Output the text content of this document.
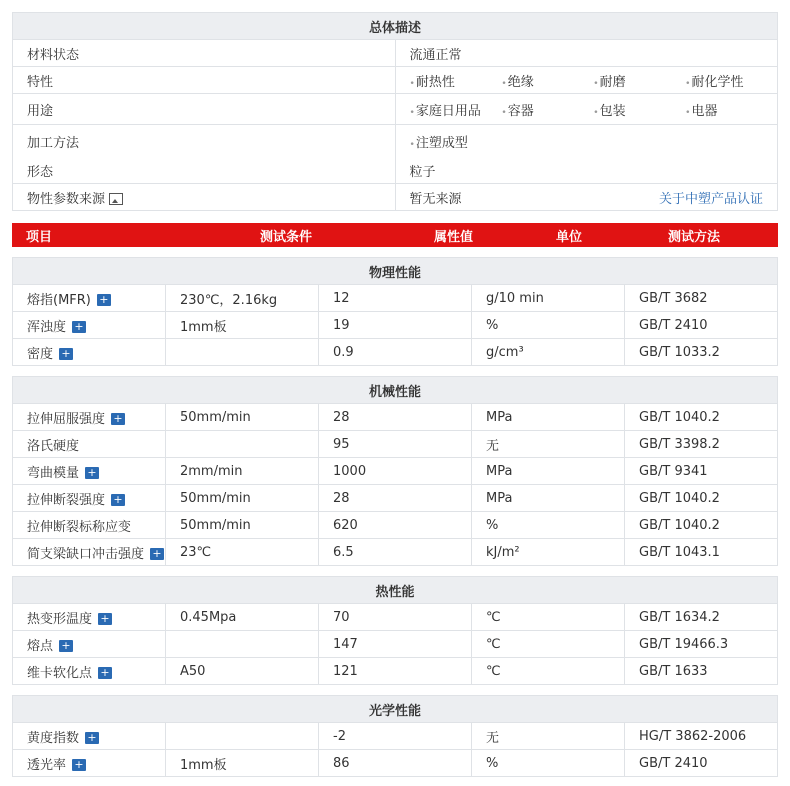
总体描述	
材料状态	流通正常
特性	•耐热性 •绝缘 •耐磨 •耐化学性

用途	•家庭日用品 •容器 •包装 •电器

加工方法	•注塑成型

形态	粒子
物性参数来源	暂无来源 关于中塑产品认证
项目	测试条件	属性值	单位	测试方法
物理性能				
熔指(MFR) +	230℃，2.16kg	12	g/10 min	GB/T 3682
浑浊度 +	1mm板	19	%	GB/T 2410
密度 +		0.9	g/cm³	GB/T 1033.2
机械性能				
拉伸屈服强度 +	50mm/min	28	MPa	GB/T 1040.2
洛氏硬度		95	无	GB/T 3398.2
弯曲模量 +	2mm/min	1000	MPa	GB/T 9341
拉伸断裂强度 +	50mm/min	28	MPa	GB/T 1040.2
拉伸断裂标称应变	50mm/min	620	%	GB/T 1040.2
简支梁缺口冲击强度 +	23℃	6.5	kJ/m²	GB/T 1043.1
热性能				
热变形温度 +	0.45Mpa	70	℃	GB/T 1634.2
熔点 +		147	℃	GB/T 19466.3
维卡软化点 +	A50	121	℃	GB/T 1633
光学性能				
黄度指数 +		-2	无	HG/T 3862-2006
透光率 +	1mm板	86	%	GB/T 2410
